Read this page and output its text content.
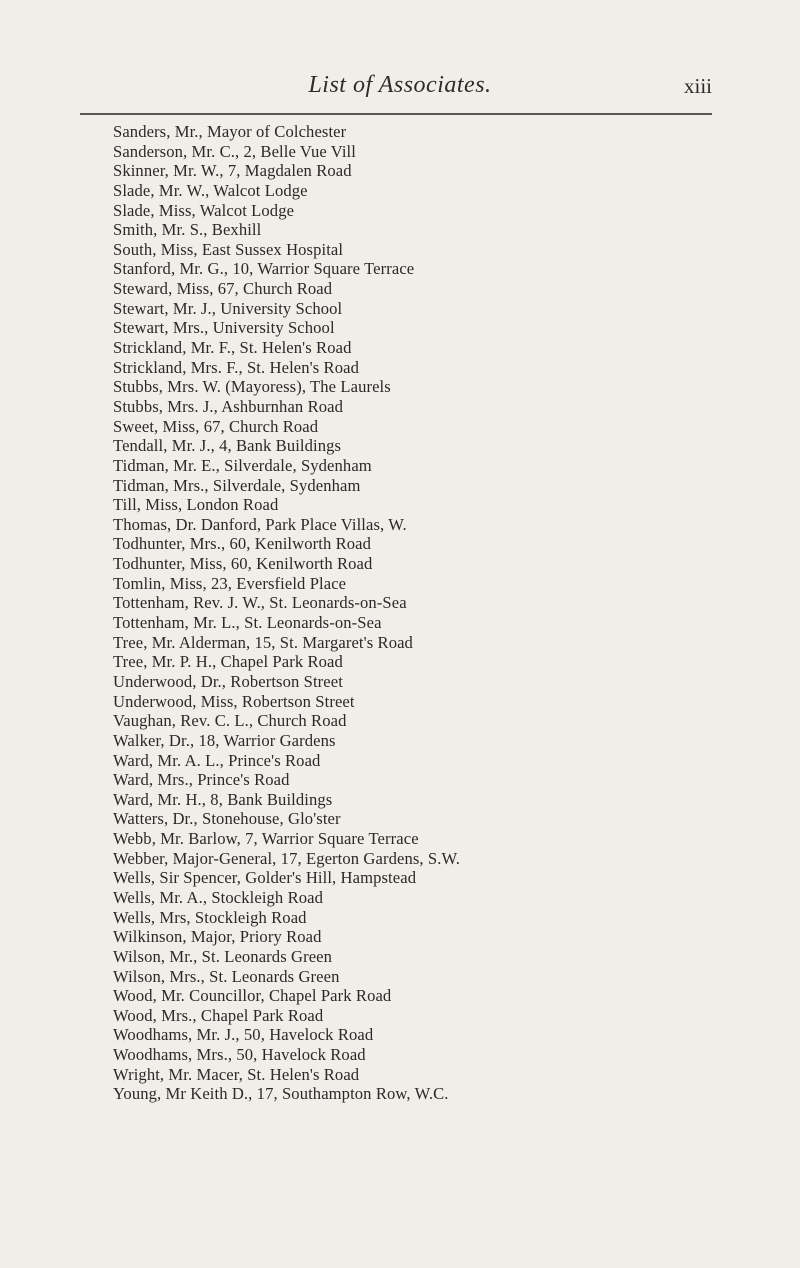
List of Associates.	xiii
Sanders, Mr., Mayor of Colchester
Sanderson, Mr. C., 2, Belle Vue Vill
Skinner, Mr. W., 7, Magdalen Road
Slade, Mr. W., Walcot Lodge
Slade, Miss, Walcot Lodge
Smith, Mr. S., Bexhill
South, Miss, East Sussex Hospital
Stanford, Mr. G., 10, Warrior Square Terrace
Steward, Miss, 67, Church Road
Stewart, Mr. J., University School
Stewart, Mrs., University School
Strickland, Mr. F., St. Helen's Road
Strickland, Mrs. F., St. Helen's Road
Stubbs, Mrs. W. (Mayoress), The Laurels
Stubbs, Mrs. J., Ashburnhan Road
Sweet, Miss, 67, Church Road
Tendall, Mr. J., 4, Bank Buildings
Tidman, Mr. E., Silverdale, Sydenham
Tidman, Mrs., Silverdale, Sydenham
Till, Miss, London Road
Thomas, Dr. Danford, Park Place Villas, W.
Todhunter, Mrs., 60, Kenilworth Road
Todhunter, Miss, 60, Kenilworth Road
Tomlin, Miss, 23, Eversfield Place
Tottenham, Rev. J. W., St. Leonards-on-Sea
Tottenham, Mr. L., St. Leonards-on-Sea
Tree, Mr. Alderman, 15, St. Margaret's Road
Tree, Mr. P. H., Chapel Park Road
Underwood, Dr., Robertson Street
Underwood, Miss, Robertson Street
Vaughan, Rev. C. L., Church Road
Walker, Dr., 18, Warrior Gardens
Ward, Mr. A. L., Prince's Road
Ward, Mrs., Prince's Road
Ward, Mr. H., 8, Bank Buildings
Watters, Dr., Stonehouse, Glo'ster
Webb, Mr. Barlow, 7, Warrior Square Terrace
Webber, Major-General, 17, Egerton Gardens, S.W.
Wells, Sir Spencer, Golder's Hill, Hampstead
Wells, Mr. A., Stockleigh Road
Wells, Mrs, Stockleigh Road
Wilkinson, Major, Priory Road
Wilson, Mr., St. Leonards Green
Wilson, Mrs., St. Leonards Green
Wood, Mr. Councillor, Chapel Park Road
Wood, Mrs., Chapel Park Road
Woodhams, Mr. J., 50, Havelock Road
Woodhams, Mrs., 50, Havelock Road
Wright, Mr. Macer, St. Helen's Road
Young, Mr Keith D., 17, Southampton Row, W.C.
